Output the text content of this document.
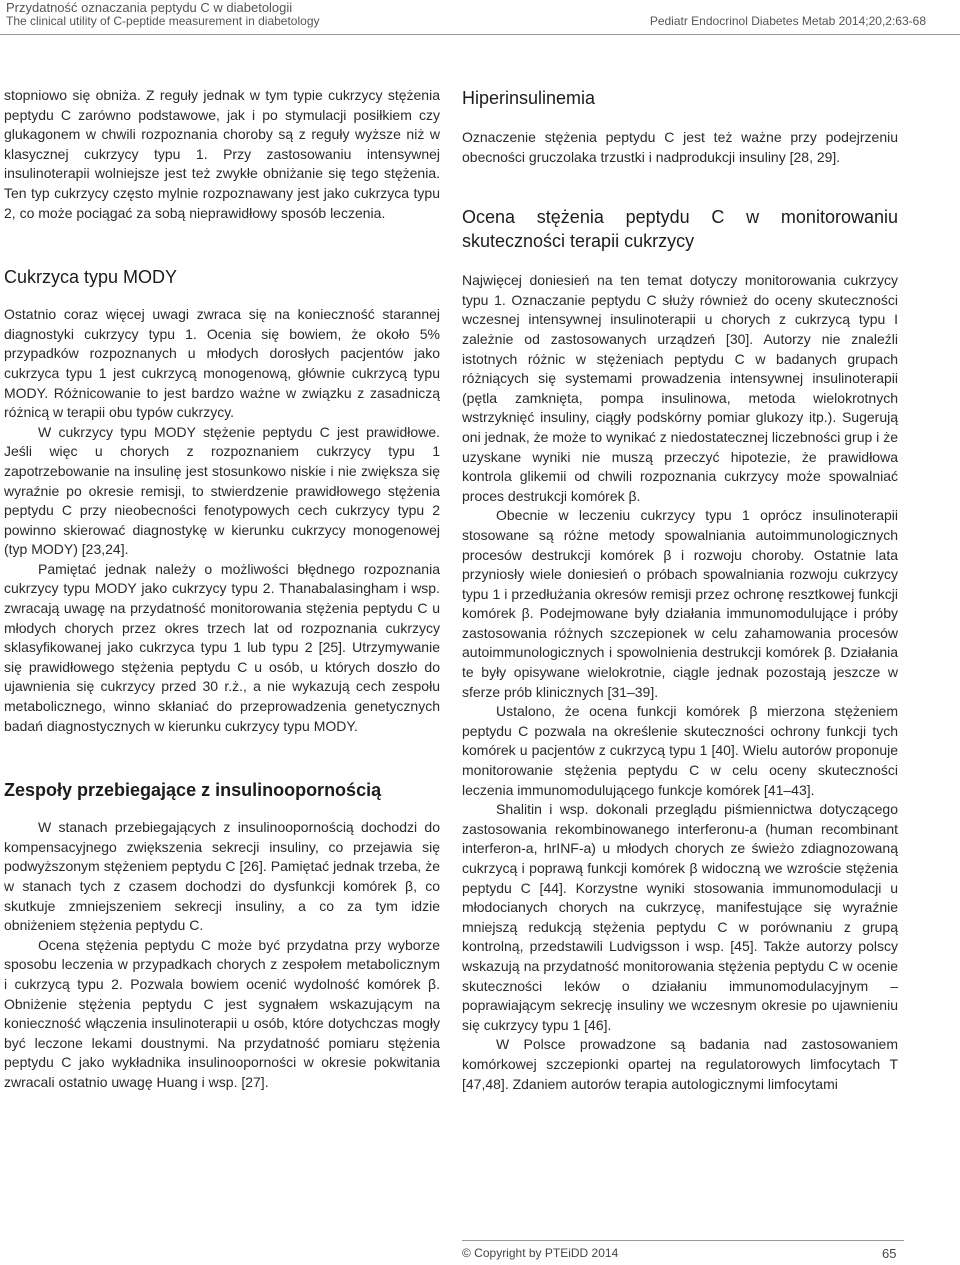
Przydatność oznaczania peptydu C w diabetologii
The clinical utility of C-peptide measurement in diabetology	Pediatr Endocrinol Diabetes Metab 2014;20,2:63-68

stopniowo się obniża. Z reguły jednak w tym typie cukrzycy stężenia peptydu C zarówno podstawowe, jak i po stymulacji posiłkiem czy glukagonem w chwili rozpoznania choroby są z reguły wyższe niż w klasycznej cukrzycy typu 1. Przy zastosowaniu intensywnej insulinoterapii wolniejsze jest też zwykłe obniżanie się tego stężenia. Ten typ cukrzycy często mylnie rozpoznawany jest jako cukrzyca typu 2, co może pociągać za sobą nieprawidłowy sposób leczenia.

Cukrzyca typu MODY

Ostatnio coraz więcej uwagi zwraca się na konieczność starannej diagnostyki cukrzycy typu 1. Ocenia się bowiem, że około 5% przypadków rozpoznanych u młodych dorosłych pacjentów jako cukrzyca typu 1 jest cukrzycą monogenową, głównie cukrzycą typu MODY. Różnicowanie to jest bardzo ważne w związku z zasadniczą różnicą w terapii obu typów cukrzycy.

W cukrzycy typu MODY stężenie peptydu C jest prawidłowe. Jeśli więc u chorych z rozpoznaniem cukrzycy typu 1 zapotrzebowanie na insulinę jest stosunkowo niskie i nie zwiększa się wyraźnie po okresie remisji, to stwierdzenie prawidłowego stężenia peptydu C przy nieobecności fenotypowych cech cukrzycy typu 2 powinno skierować diagnostykę w kierunku cukrzycy monogenowej (typ MODY) [23,24].

Pamiętać jednak należy o możliwości błędnego rozpoznania cukrzycy typu MODY jako cukrzycy typu 2. Thanabalasingham i wsp. zwracają uwagę na przydatność monitorowania stężenia peptydu C u młodych chorych przez okres trzech lat od rozpoznania cukrzycy sklasyfikowanej jako cukrzyca typu 1 lub typu 2 [25]. Utrzymywanie się prawidłowego stężenia peptydu C u osób, u których doszło do ujawnienia się cukrzycy przed 30 r.ż., a nie wykazują cech zespołu metabolicznego, winno skłaniać do przeprowadzenia genetycznych badań diagnostycznych w kierunku cukrzycy typu MODY.

Zespoły przebiegające z insulinoopornością

W stanach przebiegających z insulinoopornością dochodzi do kompensacyjnego zwiększenia sekrecji insuliny, co przejawia się podwyższonym stężeniem peptydu C [26]. Pamiętać jednak trzeba, że w stanach tych z czasem dochodzi do dysfunkcji komórek β, co skutkuje zmniejszeniem sekrecji insuliny, a co za tym idzie obniżeniem stężenia peptydu C.

Ocena stężenia peptydu C może być przydatna przy wyborze sposobu leczenia w przypadkach chorych z zespołem metabolicznym i cukrzycą typu 2. Pozwala bowiem ocenić wydolność komórek β. Obniżenie stężenia peptydu C jest sygnałem wskazującym na konieczność włączenia insulinoterapii u osób, które dotychczas mogły być leczone lekami doustnymi. Na przydatność pomiaru stężenia peptydu C jako wykładnika insulinooporności w okresie pokwitania zwracali ostatnio uwagę Huang i wsp. [27].

Hiperinsulinemia

Oznaczenie stężenia peptydu C jest też ważne przy podejrzeniu obecności gruczolaka trzustki i nadprodukcji insuliny [28, 29].

Ocena stężenia peptydu C w monitorowaniu skuteczności terapii cukrzycy

Najwięcej doniesień na ten temat dotyczy monitorowania cukrzycy typu 1. Oznaczanie peptydu C służy również do oceny skuteczności wczesnej intensywnej insulinoterapii u chorych z cukrzycą typu I zależnie od zastosowanych urządzeń [30]. Autorzy nie znaleźli istotnych różnic w stężeniach peptydu C w badanych grupach różniących się systemami prowadzenia intensywnej insulinoterapii (pętla zamknięta, pompa insulinowa, metoda wielokrotnych wstrzyknięć insuliny, ciągły podskórny pomiar glukozy itp.). Sugerują oni jednak, że może to wynikać z niedostatecznej liczebności grup i że uzyskane wyniki nie muszą przeczyć hipotezie, że prawidłowa kontrola glikemii od chwili rozpoznania cukrzycy może spowalniać proces destrukcji komórek β.

Obecnie w leczeniu cukrzycy typu 1 oprócz insulinoterapii stosowane są różne metody spowalniania autoimmunologicznych procesów destrukcji komórek β i rozwoju choroby. Ostatnie lata przyniosły wiele doniesień o próbach spowalniania rozwoju cukrzycy typu 1 i przedłużania okresów remisji przez ochronę resztkowej funkcji komórek β. Podejmowane były działania immunomodulujące i próby zastosowania różnych szczepionek w celu zahamowania procesów autoimmunologicznych i spowolnienia destrukcji komórek β. Działania te były opisywane wielokrotnie, ciągle jednak pozostają jeszcze w sferze prób klinicznych [31–39].

Ustalono, że ocena funkcji komórek β mierzona stężeniem peptydu C pozwala na określenie skuteczności ochrony funkcji tych komórek u pacjentów z cukrzycą typu 1 [40]. Wielu autorów proponuje monitorowanie stężenia peptydu C w celu oceny skuteczności leczenia immunomodulującego funkcje komórek [41–43].

Shalitin i wsp. dokonali przeglądu piśmiennictwa dotyczącego zastosowania rekombinowanego interferonu-a (human recombinant interferon-a, hrINF-a) u młodych chorych ze świeżo zdiagnozowaną cukrzycą i poprawą funkcji komórek β widoczną we wzroście stężenia peptydu C [44]. Korzystne wyniki stosowania immunomodulacji u młodocianych chorych na cukrzycę, manifestujące się wyraźnie mniejszą redukcją stężenia peptydu C w porównaniu z grupą kontrolną, przedstawili Ludvigsson i wsp. [45]. Także autorzy polscy wskazują na przydatność monitorowania stężenia peptydu C w ocenie skuteczności leków o działaniu immunomodulacyjnym – poprawiającym sekrecję insuliny we wczesnym okresie po ujawnieniu się cukrzycy typu 1 [46].

W Polsce prowadzone są badania nad zastosowaniem komórkowej szczepionki opartej na regulatorowych limfocytach T [47,48]. Zdaniem autorów terapia autologicznymi limfocytami

© Copyright by PTEiDD 2014	65
